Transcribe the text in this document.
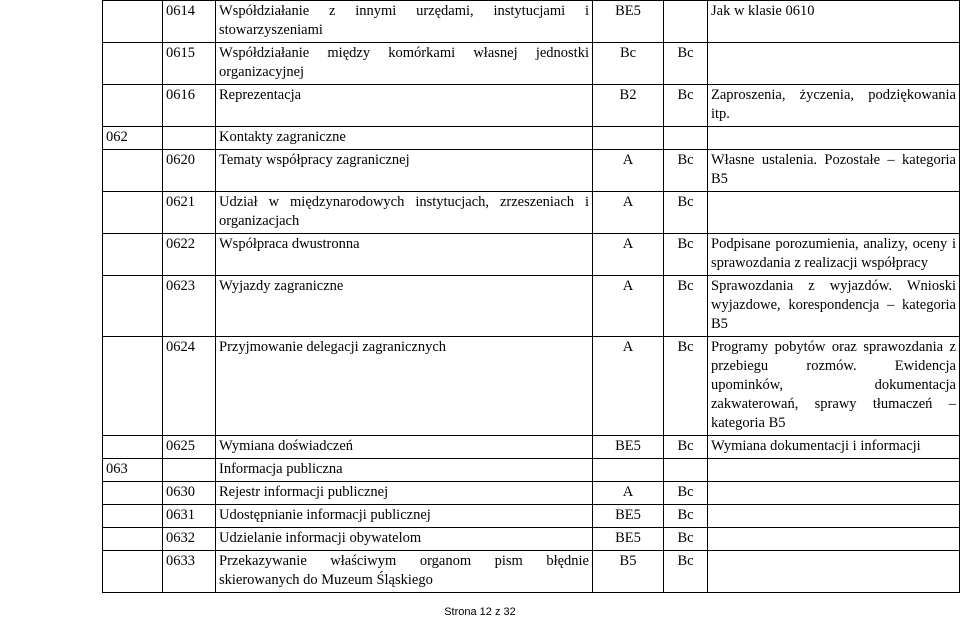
	0614	Współdziałanie z innymi urzędami, instytucjami i stowarzyszeniami	BE5		Jak w klasie 0610
	0615	Współdziałanie między komórkami własnej jednostki organizacyjnej	Bc	Bc	
	0616	Reprezentacja	B2	Bc	Zaproszenia, życzenia, podziękowania itp.
062		Kontakty zagraniczne			
	0620	Tematy współpracy zagranicznej	A	Bc	Własne ustalenia. Pozostałe – kategoria B5
	0621	Udział w międzynarodowych instytucjach, zrzeszeniach i organizacjach	A	Bc	
	0622	Współpraca dwustronna	A	Bc	Podpisane porozumienia, analizy, oceny i sprawozdania z realizacji współpracy
	0623	Wyjazdy zagraniczne	A	Bc	Sprawozdania z wyjazdów. Wnioski wyjazdowe, korespondencja – kategoria B5
	0624	Przyjmowanie delegacji zagranicznych	A	Bc	Programy pobytów oraz sprawozdania z przebiegu rozmów. Ewidencja upominków, dokumentacja zakwaterowań, sprawy tłumaczeń – kategoria B5
	0625	Wymiana doświadczeń	BE5	Bc	Wymiana dokumentacji i informacji
063		Informacja publiczna			
	0630	Rejestr informacji publicznej	A	Bc	
	0631	Udostępnianie informacji publicznej	BE5	Bc	
	0632	Udzielanie informacji obywatelom	BE5	Bc	
	0633	Przekazywanie właściwym organom pism błędnie skierowanych do Muzeum Śląskiego	B5	Bc	
Strona 12 z 32
